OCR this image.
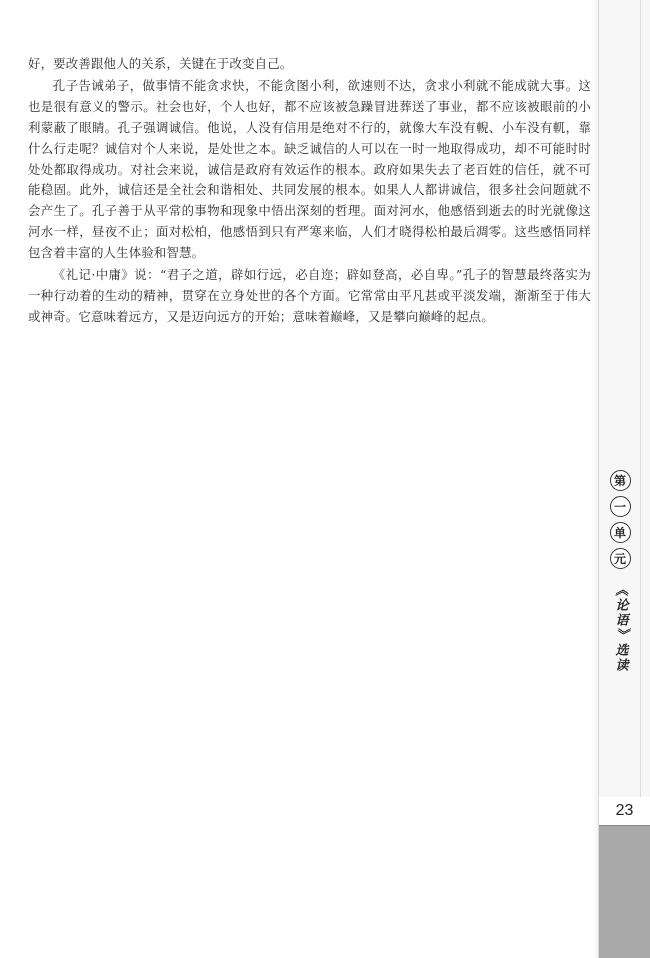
好，要改善跟他人的关系，关键在于改变自己。

孔子告诫弟子，做事情不能贪求快，不能贪图小利，欲速则不达，贪求小利就不能成就大事。这也是很有意义的警示。社会也好，个人也好，都不应该被急躁冒进葬送了事业，都不应该被眼前的小利蒙蔽了眼睛。孔子强调诚信。他说，人没有信用是绝对不行的，就像大车没有輗、小车没有軏，靠什么行走呢？诚信对个人来说，是处世之本。缺乏诚信的人可以在一时一地取得成功，却不可能时时处处都取得成功。对社会来说，诚信是政府有效运作的根本。政府如果失去了老百姓的信任，就不可能稳固。此外，诚信还是全社会和谐相处、共同发展的根本。如果人人都讲诚信，很多社会问题就不会产生了。孔子善于从平常的事物和现象中悟出深刻的哲理。面对河水，他感悟到逝去的时光就像这河水一样，昼夜不止；面对松柏，他感悟到只有严寒来临，人们才晓得松柏最后凋零。这些感悟同样包含着丰富的人生体验和智慧。

《礼记·中庸》说：“君子之道，辟如行远，必自迩；辟如登高，必自卑。”孔子的智慧最终落实为一种行动着的生动的精神，贯穿在立身处世的各个方面。它常常由平凡甚或平淡发端，渐渐至于伟大或神奇。它意味着远方，又是迈向远方的开始；意味着巅峰，又是攀向巅峰的起点。

第
一
单
元
《论语》选读
23
